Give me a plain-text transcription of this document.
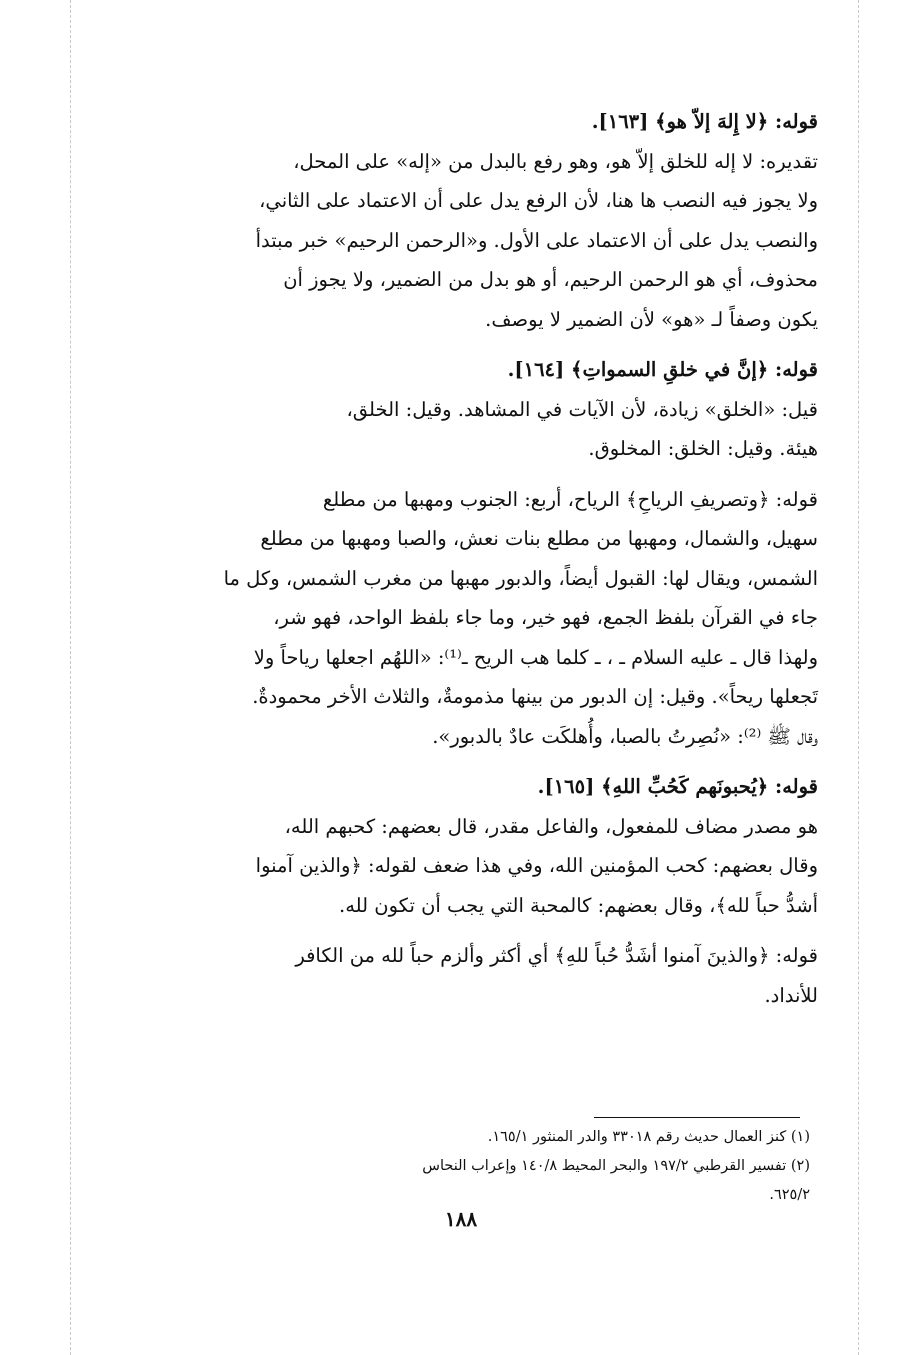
قوله: ﴿لا إِلهَ إلاّ هو﴾ [١٦٣].

تقديره: لا إله للخلق إلاّ هو، وهو رفع بالبدل من «إله» على المحل،

ولا يجوز فيه النصب ها هنا، لأن الرفع يدل على أن الاعتماد على الثاني،

والنصب يدل على أن الاعتماد على الأول. و«الرحمن الرحيم» خبر مبتدأ

محذوف، أي هو الرحمن الرحيم، أو هو بدل من الضمير، ولا يجوز أن

يكون وصفاً لـ «هو» لأن الضمير لا يوصف.

قوله: ﴿إنَّ في خلقِ السمواتِ﴾ [١٦٤].

قيل: «الخلق» زيادة، لأن الآيات في المشاهد. وقيل: الخلق،

هيئة. وقيل: الخلق: المخلوق.

قوله: ﴿وتصريفِ الرياحِ﴾ الرياح، أربع: الجنوب ومهبها من مطلع

سهيل، والشمال، ومهبها من مطلع بنات نعش، والصبا ومهبها من مطلع

الشمس، ويقال لها: القبول أيضاً، والدبور مهبها من مغرب الشمس، وكل ما

جاء في القرآن بلفظ الجمع، فهو خير، وما جاء بلفظ الواحد، فهو شر،

ولهذا قال ـ عليه السلام ـ ، ـ كلما هب الريح ـ⁽¹⁾: «اللهُم اجعلها رياحاً ولا

تَجعلها ريحاً». وقيل: إن الدبور من بينها مذمومةٌ، والثلاث الأخر محمودةٌ.

وقال ﷺ ⁽²⁾: «نُصِرتُ بالصبا، وأُهلكَت عادٌ بالدبور».

قوله: ﴿يُحبونَهم كَحُبِّ اللهِ﴾ [١٦٥].

هو مصدر مضاف للمفعول، والفاعل مقدر، قال بعضهم: كحبهم الله،

وقال بعضهم: كحب المؤمنين الله، وفي هذا ضعف لقوله: ﴿والذين آمنوا

أشدُّ حباً لله﴾، وقال بعضهم: كالمحبة التي يجب أن تكون لله.

قوله: ﴿والذينَ آمنوا أشَدُّ حُباً للهِ﴾ أي أكثر وألزم حباً لله من الكافر

للأنداد.

(١) كنز العمال حديث رقم ٣٣٠١٨ والدر المنثور ١٦٥/١.

(٢) تفسير القرطبي ١٩٧/٢ والبحر المحيط ١٤٠/٨ وإعراب النحاس ٦٢٥/٢.

١٨٨
